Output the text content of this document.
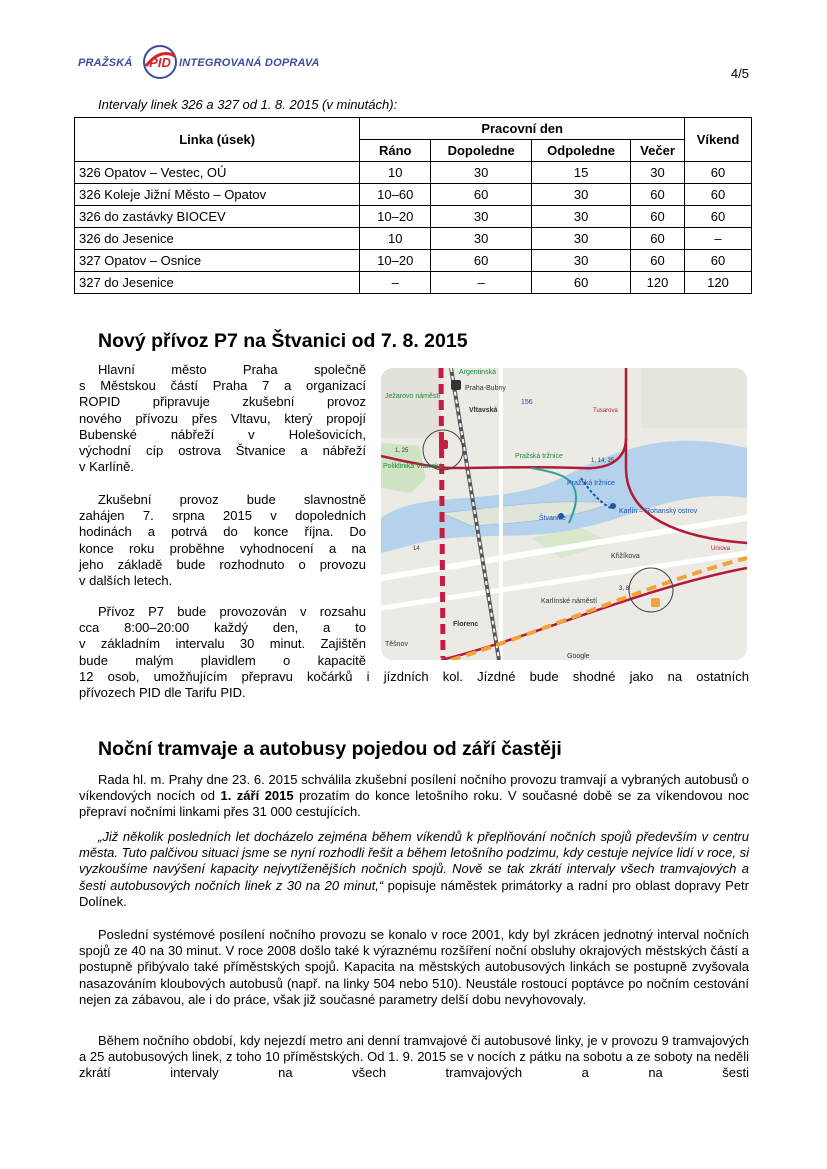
PRAŽSKÁ PID INTEGROVANÁ DOPRAVA
4/5
Intervaly linek 326 a 327 od 1. 8. 2015 (v minutách):
Linka (úsek)	Pracovní den				Víkend
	Ráno	Dopoledne	Odpoledne	Večer	
326 Opatov – Vestec, OÚ	10	30	15	30	60
326 Koleje Jižní Město – Opatov	10–60	60	30	60	60
326 do zastávky BIOCEV	10–20	30	30	60	60
326 do Jesenice	10	30	30	60	–
327 Opatov – Osnice	10–20	60	30	60	60
327 do Jesenice	–	–	60	120	120
Nový přívoz P7 na Štvanici od 7. 8. 2015
Hlavní město Praha společně
s Městskou částí Praha 7 a organizací
ROPID připravuje zkušební provoz
nového přívozu přes Vltavu, který propojí
Bubenské nábřeží v Holešovicích,
východní cíp ostrova Štvanice a nábřeží
v Karlíně.
Zkušební provoz bude slavnostně
zahájen 7. srpna 2015 v dopoledních
hodinách a potrvá do konce října. Do
konce roku proběhne vyhodnocení a na
jeho základě bude rozhodnuto o provozu
v dalších letech.
Přívoz P7 bude provozován v rozsahu
cca 8:00–20:00 každý den, a to
v základním intervalu 30 minut. Zajištěn
bude malým plavidlem o kapacitě
12 osob, umožňujícím přepravu kočárků i jízdních kol. Jízdné bude shodné jako na ostatních
přívozech PID dle Tarifu PID.
Argentinská
Praha-Bubny
Vltavská
Ježarovo náměstí
Tusarova
Poliklinika Vltavská
Pražská tržnice
Pražská tržnice
Štvanice
Karlín – Rohanský ostrov
Křižíkova
Urxova
Florenc
Karlínské náměstí
Těšnov
Google
1, 25
1, 14, 25
14
3, 8
156
Noční tramvaje a autobusy pojedou od září častěji
Rada hl. m. Prahy dne 23. 6. 2015 schválila zkušební posílení nočního provozu tramvají a vybraných autobusů o víkendových nocích od 1. září 2015 prozatím do konce letošního roku. V současné době se za víkendovou noc přepraví nočními linkami přes 31 000 cestujících.
„Již několik posledních let docházelo zejména během víkendů k přeplňování nočních spojů především v centru města. Tuto palčivou situaci jsme se nyní rozhodli řešit a během letošního podzimu, kdy cestuje nejvíce lidí v roce, si vyzkoušíme navýšení kapacity nejvytíženějších nočních spojů. Nově se tak zkrátí intervaly všech tramvajových a šesti autobusových nočních linek z 30 na 20 minut,“ popisuje náměstek primátorky a radní pro oblast dopravy Petr Dolínek.
Poslední systémové posílení nočního provozu se konalo v roce 2001, kdy byl zkrácen jednotný interval nočních spojů ze 40 na 30 minut. V roce 2008 došlo také k výraznému rozšíření noční obsluhy okrajových městských částí a postupně přibývalo také příměstských spojů. Kapacita na městských autobusových linkách se postupně zvyšovala nasazováním kloubových autobusů (např. na linky 504 nebo 510). Neustále rostoucí poptávce po nočním cestování nejen za zábavou, ale i do práce, však již současné parametry delší dobu nevyhovovaly.
Během nočního období, kdy nejezdí metro ani denní tramvajové či autobusové linky, je v provozu 9 tramvajových a 25 autobusových linek, z toho 10 příměstských. Od 1. 9. 2015 se v nocích z pátku na sobotu a ze soboty na neděli zkrátí intervaly na všech tramvajových a na šesti
